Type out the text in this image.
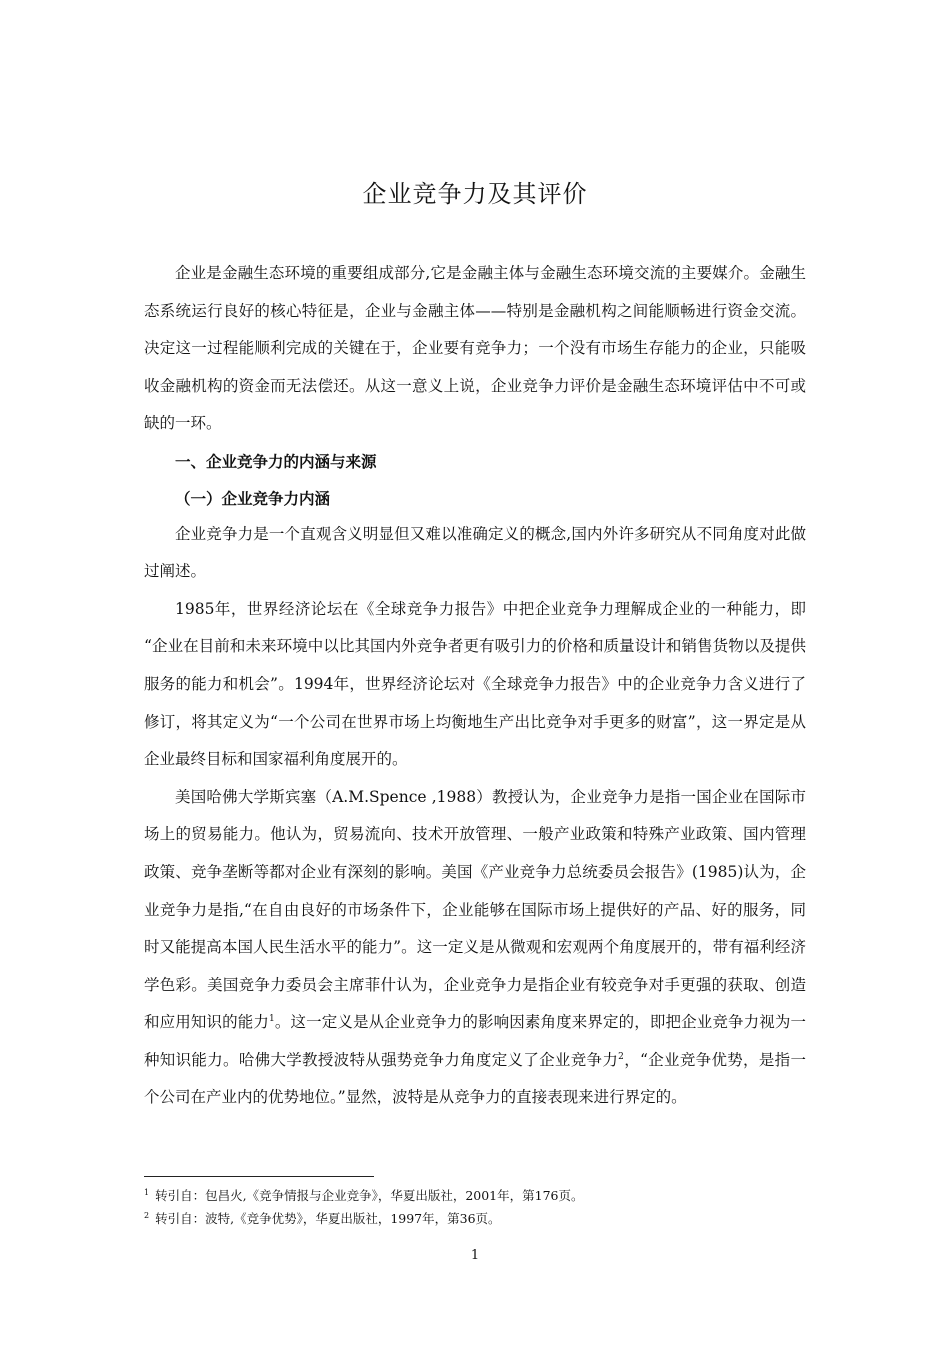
企业竞争力及其评价

企业是金融生态环境的重要组成部分,它是金融主体与金融生态环境交流的主要媒介。金融生态系统运行良好的核心特征是，企业与金融主体——特别是金融机构之间能顺畅进行资金交流。决定这一过程能顺利完成的关键在于，企业要有竞争力；一个没有市场生存能力的企业，只能吸收金融机构的资金而无法偿还。从这一意义上说，企业竞争力评价是金融生态环境评估中不可或缺的一环。

一、企业竞争力的内涵与来源
（一）企业竞争力内涵

企业竞争力是一个直观含义明显但又难以准确定义的概念,国内外许多研究从不同角度对此做过阐述。

1985年，世界经济论坛在《全球竞争力报告》中把企业竞争力理解成企业的一种能力，即 “企业在目前和未来环境中以比其国内外竞争者更有吸引力的价格和质量设计和销售货物以及提供服务的能力和机会”。1994年，世界经济论坛对《全球竞争力报告》中的企业竞争力含义进行了修订，将其定义为“一个公司在世界市场上均衡地生产出比竞争对手更多的财富”，这一界定是从企业最终目标和国家福利角度展开的。

美国哈佛大学斯宾塞（A.M.Spence ,1988）教授认为，企业竞争力是指一国企业在国际市场上的贸易能力。他认为，贸易流向、技术开放管理、一般产业政策和特殊产业政策、国内管理政策、竞争垄断等都对企业有深刻的影响。美国《产业竞争力总统委员会报告》(1985)认为，企业竞争力是指,“在自由良好的市场条件下，企业能够在国际市场上提供好的产品、好的服务，同时又能提高本国人民生活水平的能力”。这一定义是从微观和宏观两个角度展开的，带有福利经济学色彩。美国竞争力委员会主席菲什认为，企业竞争力是指企业有较竞争对手更强的获取、创造和应用知识的能力$^1$。这一定义是从企业竞争力的影响因素角度来界定的，即把企业竞争力视为一种知识能力。哈佛大学教授波特从强势竞争力角度定义了企业竞争力$^2$，“企业竞争优势，是指一个公司在产业内的优势地位。”显然，波特是从竞争力的直接表现来进行界定的。

$^1$ 转引自：包昌火,《竞争情报与企业竞争》，华夏出版社，2001年，第176页。
$^2$ 转引自：波特,《竞争优势》，华夏出版社，1997年，第36页。
1
